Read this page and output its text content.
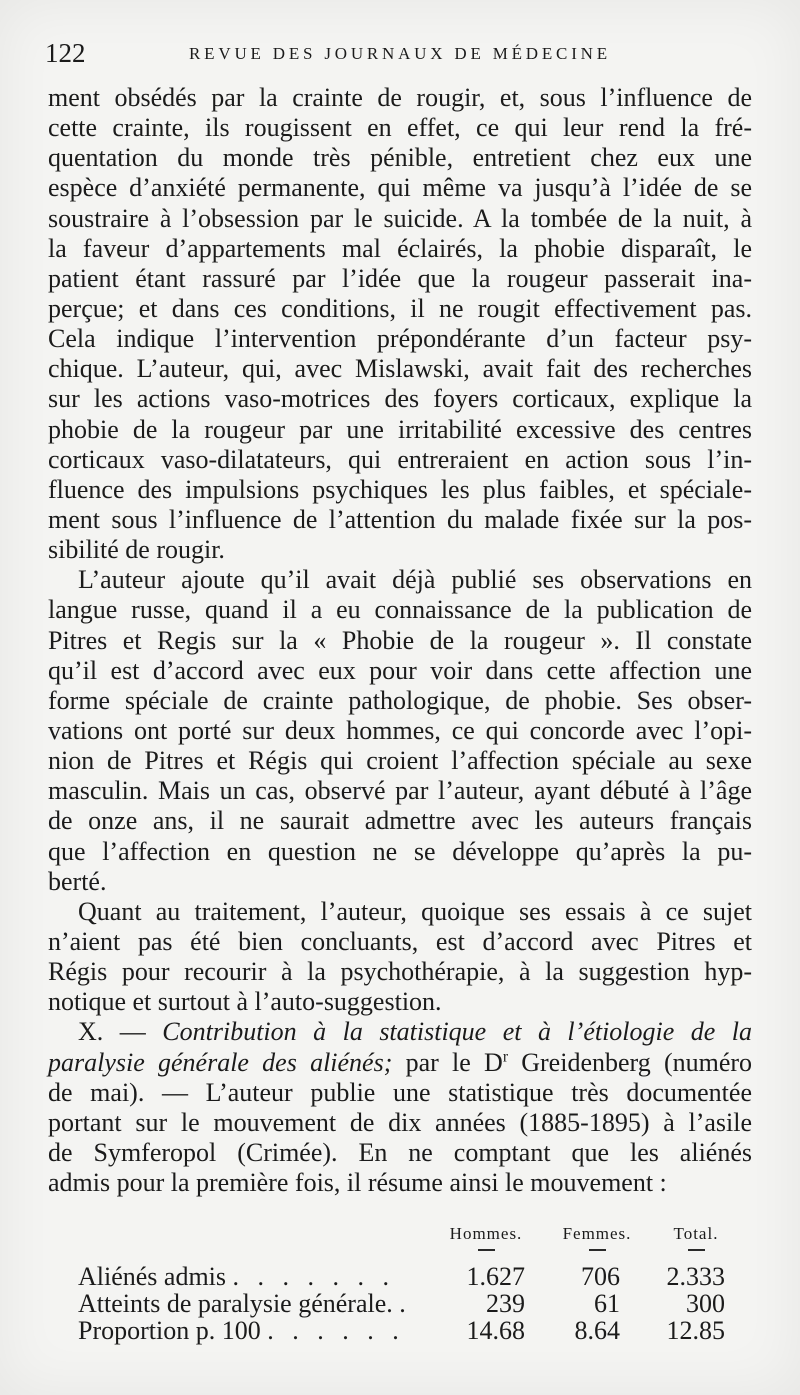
122	REVUE DES JOURNAUX DE MÉDECINE
ment obsédés par la crainte de rougir, et, sous l’influence de
cette crainte, ils rougissent en effet, ce qui leur rend la fré-
quentation du monde très pénible, entretient chez eux une
espèce d’anxiété permanente, qui même va jusqu’à l’idée de se
soustraire à l’obsession par le suicide. A la tombée de la nuit, à
la faveur d’appartements mal éclairés, la phobie disparaît, le
patient étant rassuré par l’idée que la rougeur passerait ina-
perçue; et dans ces conditions, il ne rougit effectivement pas.
Cela indique l’intervention prépondérante d’un facteur psy-
chique. L’auteur, qui, avec Mislawski, avait fait des recherches
sur les actions vaso-motrices des foyers corticaux, explique la
phobie de la rougeur par une irritabilité excessive des centres
corticaux vaso-dilatateurs, qui entreraient en action sous l’in-
fluence des impulsions psychiques les plus faibles, et spéciale-
ment sous l’influence de l’attention du malade fixée sur la pos-
sibilité de rougir.
L’auteur ajoute qu’il avait déjà publié ses observations en
langue russe, quand il a eu connaissance de la publication de
Pitres et Regis sur la « Phobie de la rougeur ». Il constate
qu’il est d’accord avec eux pour voir dans cette affection une
forme spéciale de crainte pathologique, de phobie. Ses obser-
vations ont porté sur deux hommes, ce qui concorde avec l’opi-
nion de Pitres et Régis qui croient l’affection spéciale au sexe
masculin. Mais un cas, observé par l’auteur, ayant débuté à l’âge
de onze ans, il ne saurait admettre avec les auteurs français
que l’affection en question ne se développe qu’après la pu-
berté.
Quant au traitement, l’auteur, quoique ses essais à ce sujet
n’aient pas été bien concluants, est d’accord avec Pitres et
Régis pour recourir à la psychothérapie, à la suggestion hyp-
notique et surtout à l’auto-suggestion.
X. — Contribution à la statistique et à l’étiologie de la
paralysie générale des aliénés; par le $D^r$ Greidenberg (numéro
de mai). — L’auteur publie une statistique très documentée
portant sur le mouvement de dix années (1885-1895) à l’asile
de Symferopol (Crimée). En ne comptant que les aliénés
admis pour la première fois, il résume ainsi le mouvement :
Hommes.	Femmes.	Total.
Aliénés admis . . . . . . .	1.627	706	2.333
Atteints de paralysie générale. .	239	61	300
Proportion p. 100 . . . . . .	14.68	8.64	12.85
